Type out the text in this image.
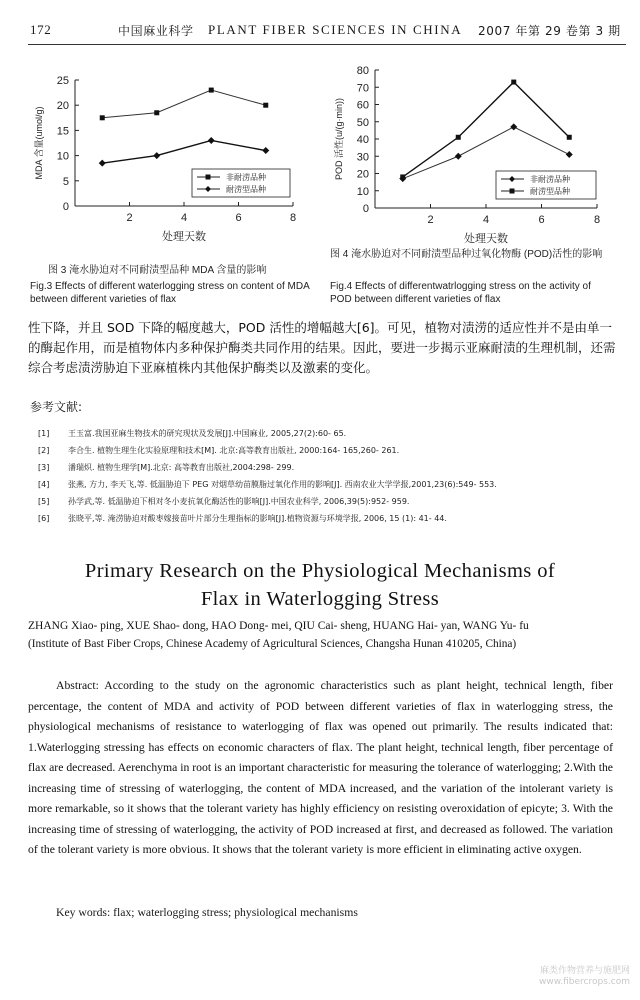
172	中国麻业科学 PLANT FIBER SCIENCES IN CHINA 2007 年第 29 卷第 3 期
0
5
10
15
20
25
2	4	6	8
处理天数
MDA 含量(umol/g)	非耐涝品种
耐涝型品种
0
10
20
30
40
50
60
70
80
2	4	6	8
处理天数
POD 活性(u/(g·min))	非耐涝品种
耐涝型品种
图 3 淹水胁迫对不同耐渍型品种 MDA 含量的影响
Fig.3 Effects of different waterlogging stress on content of MDA between different varieties of flax
图 4 淹水胁迫对不同耐渍型品种过氧化物酶 (POD)活性的影响
Fig.4 Effects of differentwatrlogging stress on the activity of POD between different varieties of flax
性下降，并且 SOD 下降的幅度越大，POD 活性的增幅越大[6]。可见，植物对渍涝的适应性并不是由单一的酶起作用，而是植物体内多种保护酶类共同作用的结果。因此，要进一步揭示亚麻耐渍的生理机制，还需综合考虑渍涝胁迫下亚麻植株内其他保护酶类以及激素的变化。
参考文献:
[1] 王玉富.我国亚麻生物技术的研究现状及发展[J].中国麻业, 2005,27(2):60- 65.
[2] 李合生. 植物生理生化实验原理和技术[M]. 北京:高等教育出版社, 2000:164- 165,260- 261.
[3] 潘瑞炽. 植物生理学[M].北京: 高等教育出版社,2004:298- 299.
[4] 张燕, 方力, 李天飞,等. 低温胁迫下 PEG 对烟草幼苗膜脂过氧化作用的影响[J]. 西南农业大学学报,2001,23(6):549- 553.
[5] 孙学武,等. 低温胁迫下相对冬小麦抗氧化酶活性的影响[J].中国农业科学, 2006,39(5):952- 959.
[6] 张晓平,等. 淹涝胁迫对酸枣嫁接苗叶片部分生理指标的影响[J].植物资源与环境学报, 2006, 15 (1): 41- 44.
Primary Research on the Physiological Mechanisms of
Flax in Waterlogging Stress
ZHANG Xiao- ping, XUE Shao- dong, HAO Dong- mei, QIU Cai- sheng, HUANG Hai- yan, WANG Yu- fu
(Institute of Bast Fiber Crops, Chinese Academy of Agricultural Sciences, Changsha Hunan 410205, China)
Abstract: According to the study on the agronomic characteristics such as plant height, technical length, fiber percentage, the content of MDA and activity of POD between different varieties of flax in waterlogging stress, the physiological mechanisms of resistance to waterlogging of flax was opened out primarily. The results indicated that: 1.Waterlogging stressing has effects on economic characters of flax. The plant height, technical length, fiber percentage of flax are decreased. Aerenchyma in root is an important characteristic for measuring the tolerance of waterlogging; 2.With the increasing time of stressing of waterlogging, the content of MDA increased, and the variation of the intolerant variety is more remarkable, so it shows that the tolerant variety has highly efficiency on resisting overoxidation of epicyte; 3. With the increasing time of stressing of waterlogging, the activity of POD increased at first, and decreased as followed. The variation of the tolerant variety is more obvious. It shows that the tolerant variety is more efficient in eliminating active oxygen.
Key words: flax; waterlogging stress; physiological mechanisms
麻类作物营养与施肥网
www.fibercrops.com
